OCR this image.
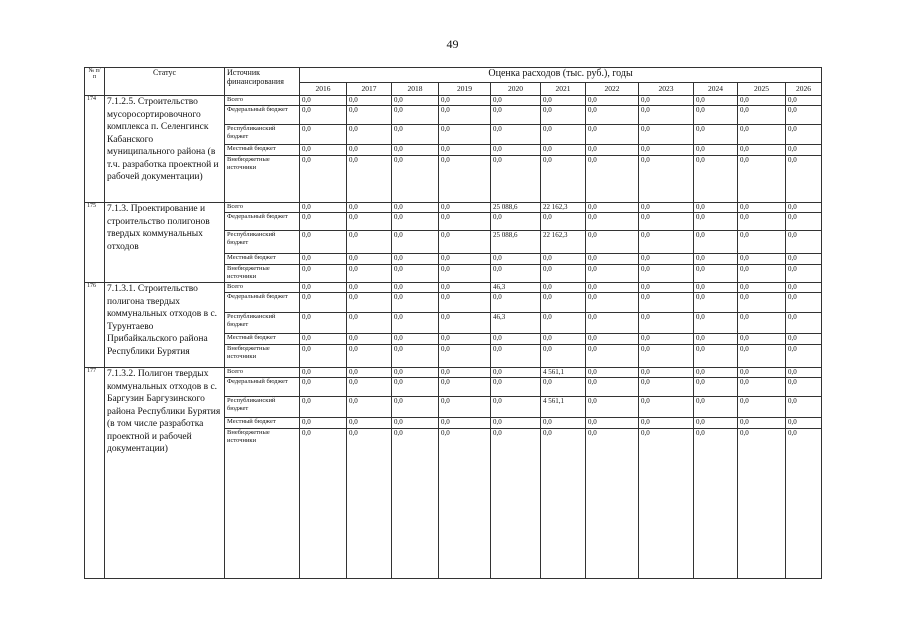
49
№ п/п	Статус	Источник финансирования	Оценка расходов (тыс. руб.), годы										
			2016	2017	2018	2019	2020	2021	2022	2023	2024	2025	2026
174	7.1.2.5. Строительство мусоросортировочного комплекса п. Селенгинск Кабанского муниципального района (в т.ч. разработка проектной и рабочей документации)	Всего	0,0	0,0	0,0	0,0	0,0	0,0	0,0	0,0	0,0	0,0	0,0
		Федеральный бюджет	0,0	0,0	0,0	0,0	0,0	0,0	0,0	0,0	0,0	0,0	0,0
		Республиканский бюджет	0,0	0,0	0,0	0,0	0,0	0,0	0,0	0,0	0,0	0,0	0,0
		Местный бюджет	0,0	0,0	0,0	0,0	0,0	0,0	0,0	0,0	0,0	0,0	0,0
		Внебюджетные источники	0,0	0,0	0,0	0,0	0,0	0,0	0,0	0,0	0,0	0,0	0,0
175	7.1.3. Проектирование и строительство полигонов твердых коммунальных отходов	Всего	0,0	0,0	0,0	0,0	25 088,6	22 162,3	0,0	0,0	0,0	0,0	0,0
		Федеральный бюджет	0,0	0,0	0,0	0,0	0,0	0,0	0,0	0,0	0,0	0,0	0,0
		Республиканский бюджет	0,0	0,0	0,0	0,0	25 088,6	22 162,3	0,0	0,0	0,0	0,0	0,0
		Местный бюджет	0,0	0,0	0,0	0,0	0,0	0,0	0,0	0,0	0,0	0,0	0,0
		Внебюджетные источники	0,0	0,0	0,0	0,0	0,0	0,0	0,0	0,0	0,0	0,0	0,0
176	7.1.3.1. Строительство полигона твердых коммунальных отходов в с. Турунтаево Прибайкальского района Республики Бурятия	Всего	0,0	0,0	0,0	0,0	46,3	0,0	0,0	0,0	0,0	0,0	0,0
		Федеральный бюджет	0,0	0,0	0,0	0,0	0,0	0,0	0,0	0,0	0,0	0,0	0,0
		Республиканский бюджет	0,0	0,0	0,0	0,0	46,3	0,0	0,0	0,0	0,0	0,0	0,0
		Местный бюджет	0,0	0,0	0,0	0,0	0,0	0,0	0,0	0,0	0,0	0,0	0,0
		Внебюджетные источники	0,0	0,0	0,0	0,0	0,0	0,0	0,0	0,0	0,0	0,0	0,0
177	7.1.3.2. Полигон твердых коммунальных отходов в с. Баргузин Баргузинского района Республики Бурятия (в том числе разработка проектной и рабочей документации)	Всего	0,0	0,0	0,0	0,0	0,0	4 561,1	0,0	0,0	0,0	0,0	0,0
		Федеральный бюджет	0,0	0,0	0,0	0,0	0,0	0,0	0,0	0,0	0,0	0,0	0,0
		Республиканский бюджет	0,0	0,0	0,0	0,0	0,0	4 561,1	0,0	0,0	0,0	0,0	0,0
		Местный бюджет	0,0	0,0	0,0	0,0	0,0	0,0	0,0	0,0	0,0	0,0	0,0
		Внебюджетные источники	0,0	0,0	0,0	0,0	0,0	0,0	0,0	0,0	0,0	0,0	0,0
